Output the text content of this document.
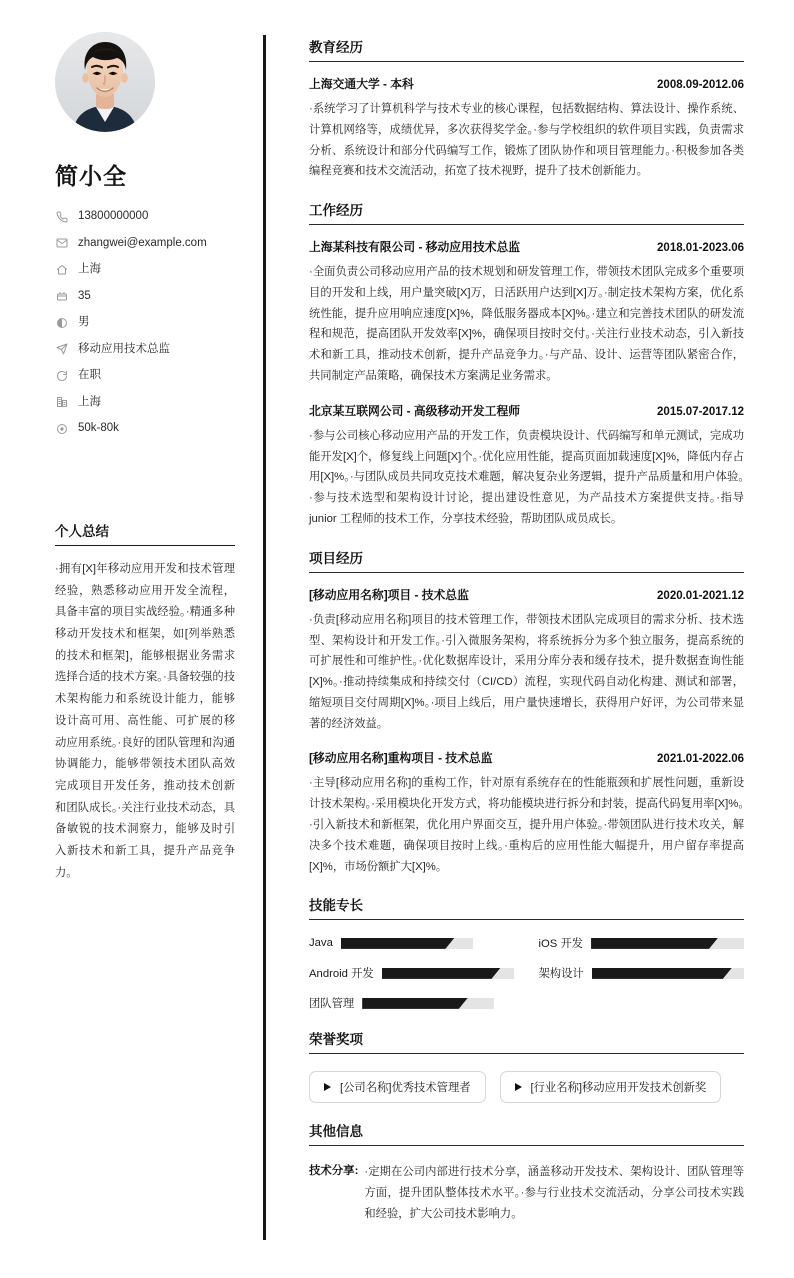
简小全
13800000000
zhangwei@example.com
上海
35
男
移动应用技术总监
在职
上海
50k-80k
个人总结

·拥有[X]年移动应用开发和技术管理经验，熟悉移动应用开发全流程，具备丰富的项目实战经验。·精通多种移动开发技术和框架，如[列举熟悉的技术和框架]，能够根据业务需求选择合适的技术方案。·具备较强的技术架构能力和系统设计能力，能够设计高可用、高性能、可扩展的移动应用系统。·良好的团队管理和沟通协调能力，能够带领技术团队高效完成项目开发任务，推动技术创新和团队成长。·关注行业技术动态，具备敏锐的技术洞察力，能够及时引入新技术和新工具，提升产品竞争力。

教育经历
上海交通大学 - 本科	2008.09-2012.06

·系统学习了计算机科学与技术专业的核心课程，包括数据结构、算法设计、操作系统、计算机网络等，成绩优异，多次获得奖学金。·参与学校组织的软件项目实践，负责需求分析、系统设计和部分代码编写工作，锻炼了团队协作和项目管理能力。·积极参加各类编程竞赛和技术交流活动，拓宽了技术视野，提升了技术创新能力。

工作经历
上海某科技有限公司 - 移动应用技术总监	2018.01-2023.06

·全面负责公司移动应用产品的技术规划和研发管理工作，带领技术团队完成多个重要项目的开发和上线，用户量突破[X]万，日活跃用户达到[X]万。·制定技术架构方案，优化系统性能，提升应用响应速度[X]%，降低服务器成本[X]%。·建立和完善技术团队的研发流程和规范，提高团队开发效率[X]%，确保项目按时交付。·关注行业技术动态，引入新技术和新工具，推动技术创新，提升产品竞争力。·与产品、设计、运营等团队紧密合作，共同制定产品策略，确保技术方案满足业务需求。

北京某互联网公司 - 高级移动开发工程师	2015.07-2017.12

·参与公司核心移动应用产品的开发工作，负责模块设计、代码编写和单元测试，完成功能开发[X]个，修复线上问题[X]个。·优化应用性能，提高页面加载速度[X]%，降低内存占用[X]%。·与团队成员共同攻克技术难题，解决复杂业务逻辑，提升产品质量和用户体验。·参与技术选型和架构设计讨论，提出建设性意见，为产品技术方案提供支持。·指导 junior 工程师的技术工作，分享技术经验，帮助团队成员成长。

项目经历
[移动应用名称]项目 - 技术总监	2020.01-2021.12

·负责[移动应用名称]项目的技术管理工作，带领技术团队完成项目的需求分析、技术选型、架构设计和开发工作。·引入微服务架构，将系统拆分为多个独立服务，提高系统的可扩展性和可维护性。·优化数据库设计，采用分库分表和缓存技术，提升数据查询性能[X]%。·推动持续集成和持续交付（CI/CD）流程，实现代码自动化构建、测试和部署，缩短项目交付周期[X]%。·项目上线后，用户量快速增长，获得用户好评，为公司带来显著的经济效益。

[移动应用名称]重构项目 - 技术总监	2021.01-2022.06

·主导[移动应用名称]的重构工作，针对原有系统存在的性能瓶颈和扩展性问题，重新设计技术架构。·采用模块化开发方式，将功能模块进行拆分和封装，提高代码复用率[X]%。·引入新技术和新框架，优化用户界面交互，提升用户体验。·带领团队进行技术攻关，解决多个技术难题，确保项目按时上线。·重构后的应用性能大幅提升，用户留存率提高[X]%，市场份额扩大[X]%。

技能专长
Java	iOS 开发
Android 开发	架构设计
团队管理
荣誉奖项
[公司名称]优秀技术管理者	[行业名称]移动应用开发技术创新奖
其他信息
技术分享: ·定期在公司内部进行技术分享，涵盖移动开发技术、架构设计、团队管理等方面，提升团队整体技术水平。·参与行业技术交流活动，分享公司技术实践和经验，扩大公司技术影响力。
